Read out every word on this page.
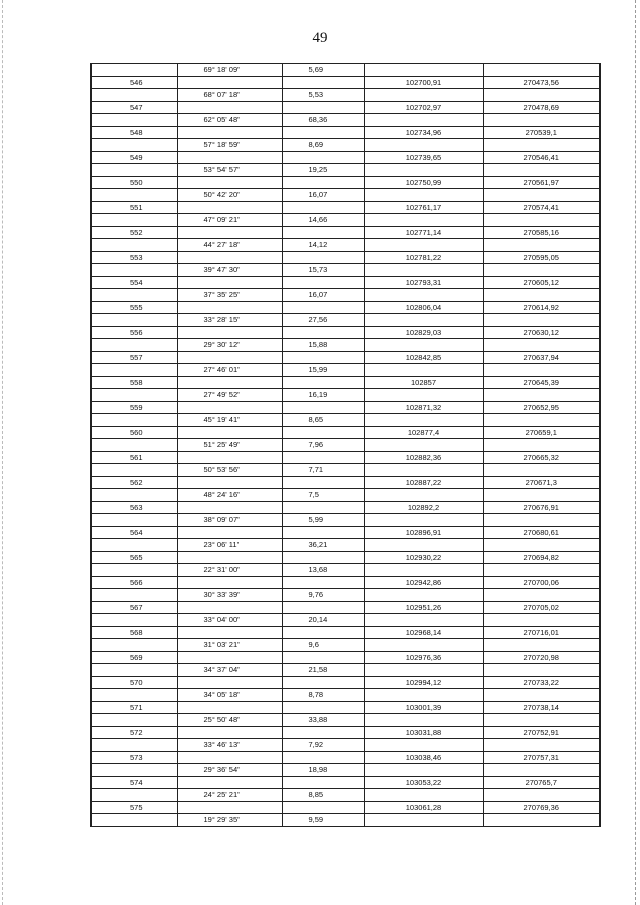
49
	69° 18' 09"	5,69		
546			102700,91	270473,56
	68° 07' 18"	5,53		
547			102702,97	270478,69
	62° 05' 48"	68,36		
548			102734,96	270539,1
	57° 18' 59"	8,69		
549			102739,65	270546,41
	53° 54' 57"	19,25		
550			102750,99	270561,97
	50° 42' 20"	16,07		
551			102761,17	270574,41
	47° 09' 21"	14,66		
552			102771,14	270585,16
	44° 27' 18"	14,12		
553			102781,22	270595,05
	39° 47' 30"	15,73		
554			102793,31	270605,12
	37° 35' 25"	16,07		
555			102806,04	270614,92
	33° 28' 15"	27,56		
556			102829,03	270630,12
	29° 30' 12"	15,88		
557			102842,85	270637,94
	27° 46' 01"	15,99		
558			102857	270645,39
	27° 49' 52"	16,19		
559			102871,32	270652,95
	45° 19' 41"	8,65		
560			102877,4	270659,1
	51° 25' 49"	7,96		
561			102882,36	270665,32
	50° 53' 56"	7,71		
562			102887,22	270671,3
	48° 24' 16"	7,5		
563			102892,2	270676,91
	38° 09' 07"	5,99		
564			102896,91	270680,61
	23° 06' 11"	36,21		
565			102930,22	270694,82
	22° 31' 00"	13,68		
566			102942,86	270700,06
	30° 33' 39"	9,76		
567			102951,26	270705,02
	33° 04' 00"	20,14		
568			102968,14	270716,01
	31° 03' 21"	9,6		
569			102976,36	270720,98
	34° 37' 04"	21,58		
570			102994,12	270733,22
	34° 05' 18"	8,78		
571			103001,39	270738,14
	25° 50' 48"	33,88		
572			103031,88	270752,91
	33° 46' 13"	7,92		
573			103038,46	270757,31
	29° 36' 54"	18,98		
574			103053,22	270765,7
	24° 25' 21"	8,85		
575			103061,28	270769,36
	19° 29' 35"	9,59		
